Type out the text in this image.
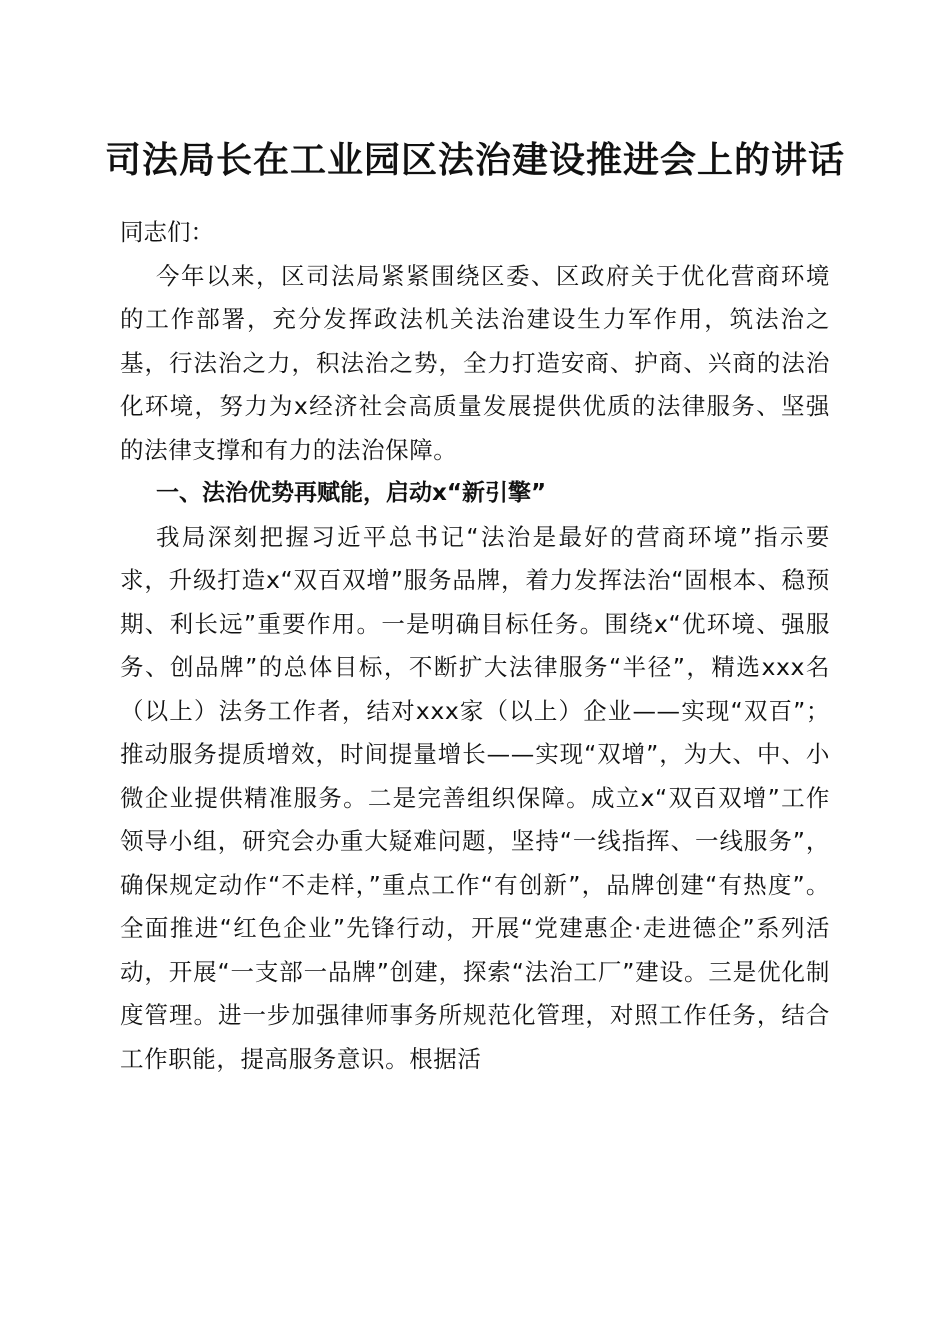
司法局长在工业园区法治建设推进会上的讲话

同志们：

今年以来，区司法局紧紧围绕区委、区政府关于优化营商环境的工作部署，充分发挥政法机关法治建设生力军作用，筑法治之基，行法治之力，积法治之势，全力打造安商、护商、兴商的法治化环境，努力为x经济社会高质量发展提供优质的法律服务、坚强的法律支撑和有力的法治保障。

一、法治优势再赋能，启动x“新引擎”

我局深刻把握习近平总书记“法治是最好的营商环境”指示要求，升级打造x“双百双增”服务品牌，着力发挥法治“固根本、稳预期、利长远”重要作用。一是明确目标任务。围绕x“优环境、强服务、创品牌”的总体目标，不断扩大法律服务“半径”，精选xxx名（以上）法务工作者，结对xxx家（以上）企业——实现“双百”；推动服务提质增效，时间提量增长——实现“双增”，为大、中、小微企业提供精准服务。二是完善组织保障。成立x“双百双增”工作领导小组，研究会办重大疑难问题，坚持“一线指挥、一线服务”，确保规定动作“不走样，”重点工作“有创新”，品牌创建“有热度”。全面推进“红色企业”先锋行动，开展“党建惠企·走进德企”系列活动，开展“一支部一品牌”创建，探索“法治工厂”建设。三是优化制度管理。进一步加强律师事务所规范化管理，对照工作任务，结合工作职能，提高服务意识。根据活
